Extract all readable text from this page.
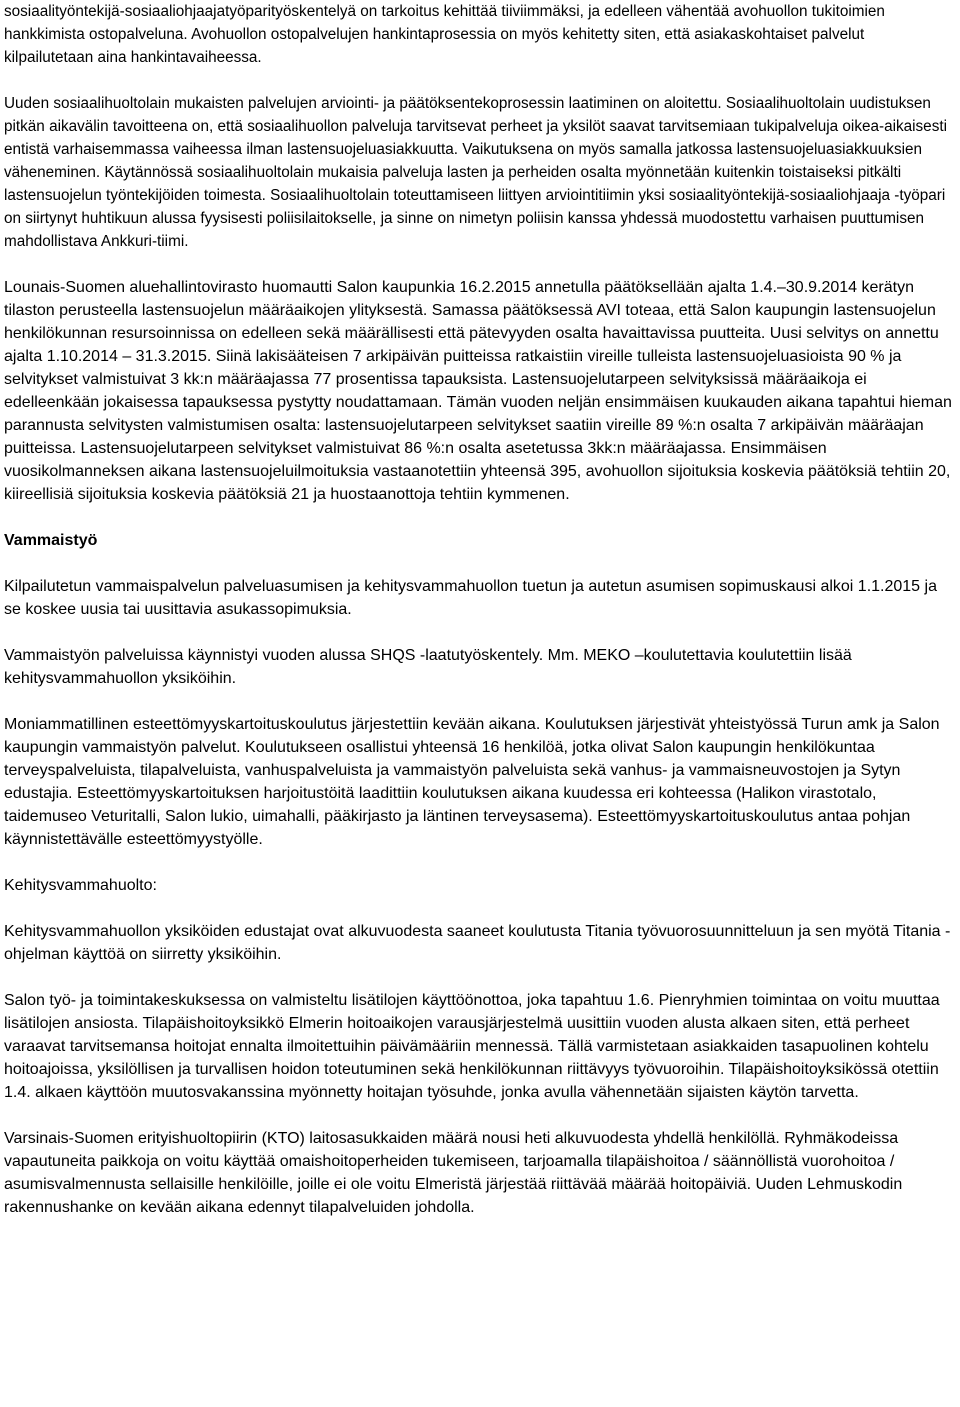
sosiaalityöntekijä-sosiaaliohjaajatyöparityöskentelyä on tarkoitus kehittää tiiviimmäksi, ja edelleen vähentää avohuollon tukitoimien hankkimista ostopalveluna. Avohuollon ostopalvelujen hankintaprosessia on myös kehitetty siten, että asiakaskohtaiset palvelut kilpailutetaan aina hankintavaiheessa.

Uuden sosiaalihuoltolain mukaisten palvelujen arviointi- ja päätöksentekoprosessin laatiminen on aloitettu. Sosiaalihuoltolain uudistuksen pitkän aikavälin tavoitteena on, että sosiaalihuollon palveluja tarvitsevat perheet ja yksilöt saavat tarvitsemiaan tukipalveluja oikea-aikaisesti entistä varhaisemmassa vaiheessa ilman lastensuojeluasiakkuutta. Vaikutuksena on myös samalla jatkossa lastensuojeluasiakkuuksien väheneminen. Käytännössä sosiaalihuoltolain mukaisia palveluja lasten ja perheiden osalta myönnetään kuitenkin toistaiseksi pitkälti lastensuojelun työntekijöiden toimesta. Sosiaalihuoltolain toteuttamiseen liittyen arviointitiimin yksi sosiaalityöntekijä-sosiaaliohjaaja -työpari on siirtynyt huhtikuun alussa fyysisesti poliisilaitokselle, ja sinne on nimetyn poliisin kanssa yhdessä muodostettu varhaisen puuttumisen mahdollistava Ankkuri-tiimi.

Lounais-Suomen aluehallintovirasto huomautti Salon kaupunkia 16.2.2015 annetulla päätöksellään ajalta 1.4.–30.9.2014 kerätyn tilaston perusteella lastensuojelun määräaikojen ylityksestä. Samassa päätöksessä AVI toteaa, että Salon kaupungin lastensuojelun henkilökunnan resursoinnissa on edelleen sekä määrällisesti että pätevyyden osalta havaittavissa puutteita. Uusi selvitys on annettu ajalta 1.10.2014 – 31.3.2015. Siinä lakisääteisen 7 arkipäivän puitteissa ratkaistiin vireille tulleista lastensuojeluasioista 90 % ja selvitykset valmistuivat 3 kk:n määräajassa 77 prosentissa tapauksista. Lastensuojelutarpeen selvityksissä määräaikoja ei edelleenkään jokaisessa tapauksessa pystytty noudattamaan. Tämän vuoden neljän ensimmäisen kuukauden aikana tapahtui hieman parannusta selvitysten valmistumisen osalta: lastensuojelutarpeen selvitykset saatiin vireille 89 %:n osalta 7 arkipäivän määräajan puitteissa. Lastensuojelutarpeen selvitykset valmistuivat 86 %:n osalta asetetussa 3kk:n määräajassa. Ensimmäisen vuosikolmanneksen aikana lastensuojeluilmoituksia vastaanotettiin yhteensä 395, avohuollon sijoituksia koskevia päätöksiä tehtiin 20, kiireellisiä sijoituksia koskevia päätöksiä 21 ja huostaanottoja tehtiin kymmenen.

Vammaistyö

Kilpailutetun vammaispalvelun palveluasumisen ja kehitysvammahuollon tuetun ja autetun asumisen sopimuskausi alkoi 1.1.2015 ja se koskee uusia tai uusittavia asukassopimuksia.

Vammaistyön palveluissa käynnistyi vuoden alussa SHQS -laatutyöskentely. Mm. MEKO –koulutettavia koulutettiin lisää kehitysvammahuollon yksiköihin.

Moniammatillinen esteettömyyskartoituskoulutus järjestettiin kevään aikana. Koulutuksen järjestivät yhteistyössä Turun amk ja Salon kaupungin vammaistyön palvelut. Koulutukseen osallistui yhteensä 16 henkilöä, jotka olivat Salon kaupungin henkilökuntaa terveyspalveluista, tilapalveluista, vanhuspalveluista ja vammaistyön palveluista sekä vanhus- ja vammaisneuvostojen ja Sytyn edustajia. Esteettömyyskartoituksen harjoitustöitä laadittiin koulutuksen aikana kuudessa eri kohteessa (Halikon virastotalo, taidemuseo Veturitalli, Salon lukio, uimahalli, pääkirjasto ja läntinen terveysasema). Esteettömyyskartoituskoulutus antaa pohjan käynnistettävälle esteettömyystyölle.

Kehitysvammahuolto:

Kehitysvammahuollon yksiköiden edustajat ovat alkuvuodesta saaneet koulutusta Titania työvuorosuunnitteluun ja sen myötä Titania -ohjelman käyttöä on siirretty yksiköihin.

Salon työ- ja toimintakeskuksessa on valmisteltu lisätilojen käyttöönottoa, joka tapahtuu 1.6. Pienryhmien toimintaa on voitu muuttaa lisätilojen ansiosta. Tilapäishoitoyksikkö Elmerin hoitoaikojen varausjärjestelmä uusittiin vuoden alusta alkaen siten, että perheet varaavat tarvitsemansa hoitojat ennalta ilmoitettuihin päivämääriin mennessä. Tällä varmistetaan asiakkaiden tasapuolinen kohtelu hoitoajoissa, yksilöllisen ja turvallisen hoidon toteutuminen sekä henkilökunnan riittävyys työvuoroihin. Tilapäishoitoyksikössä otettiin 1.4. alkaen käyttöön muutosvakanssina myönnetty hoitajan työsuhde, jonka avulla vähennetään sijaisten käytön tarvetta.

Varsinais-Suomen erityishuoltopiirin (KTO) laitosasukkaiden määrä nousi heti alkuvuodesta yhdellä henkilöllä. Ryhmäkodeissa vapautuneita paikkoja on voitu käyttää omaishoitoperheiden tukemiseen, tarjoamalla tilapäishoitoa / säännöllistä vuorohoitoa / asumisvalmennusta sellaisille henkilöille, joille ei ole voitu Elmeristä järjestää riittävää määrää hoitopäiviä. Uuden Lehmuskodin rakennushanke on kevään aikana edennyt tilapalveluiden johdolla.
